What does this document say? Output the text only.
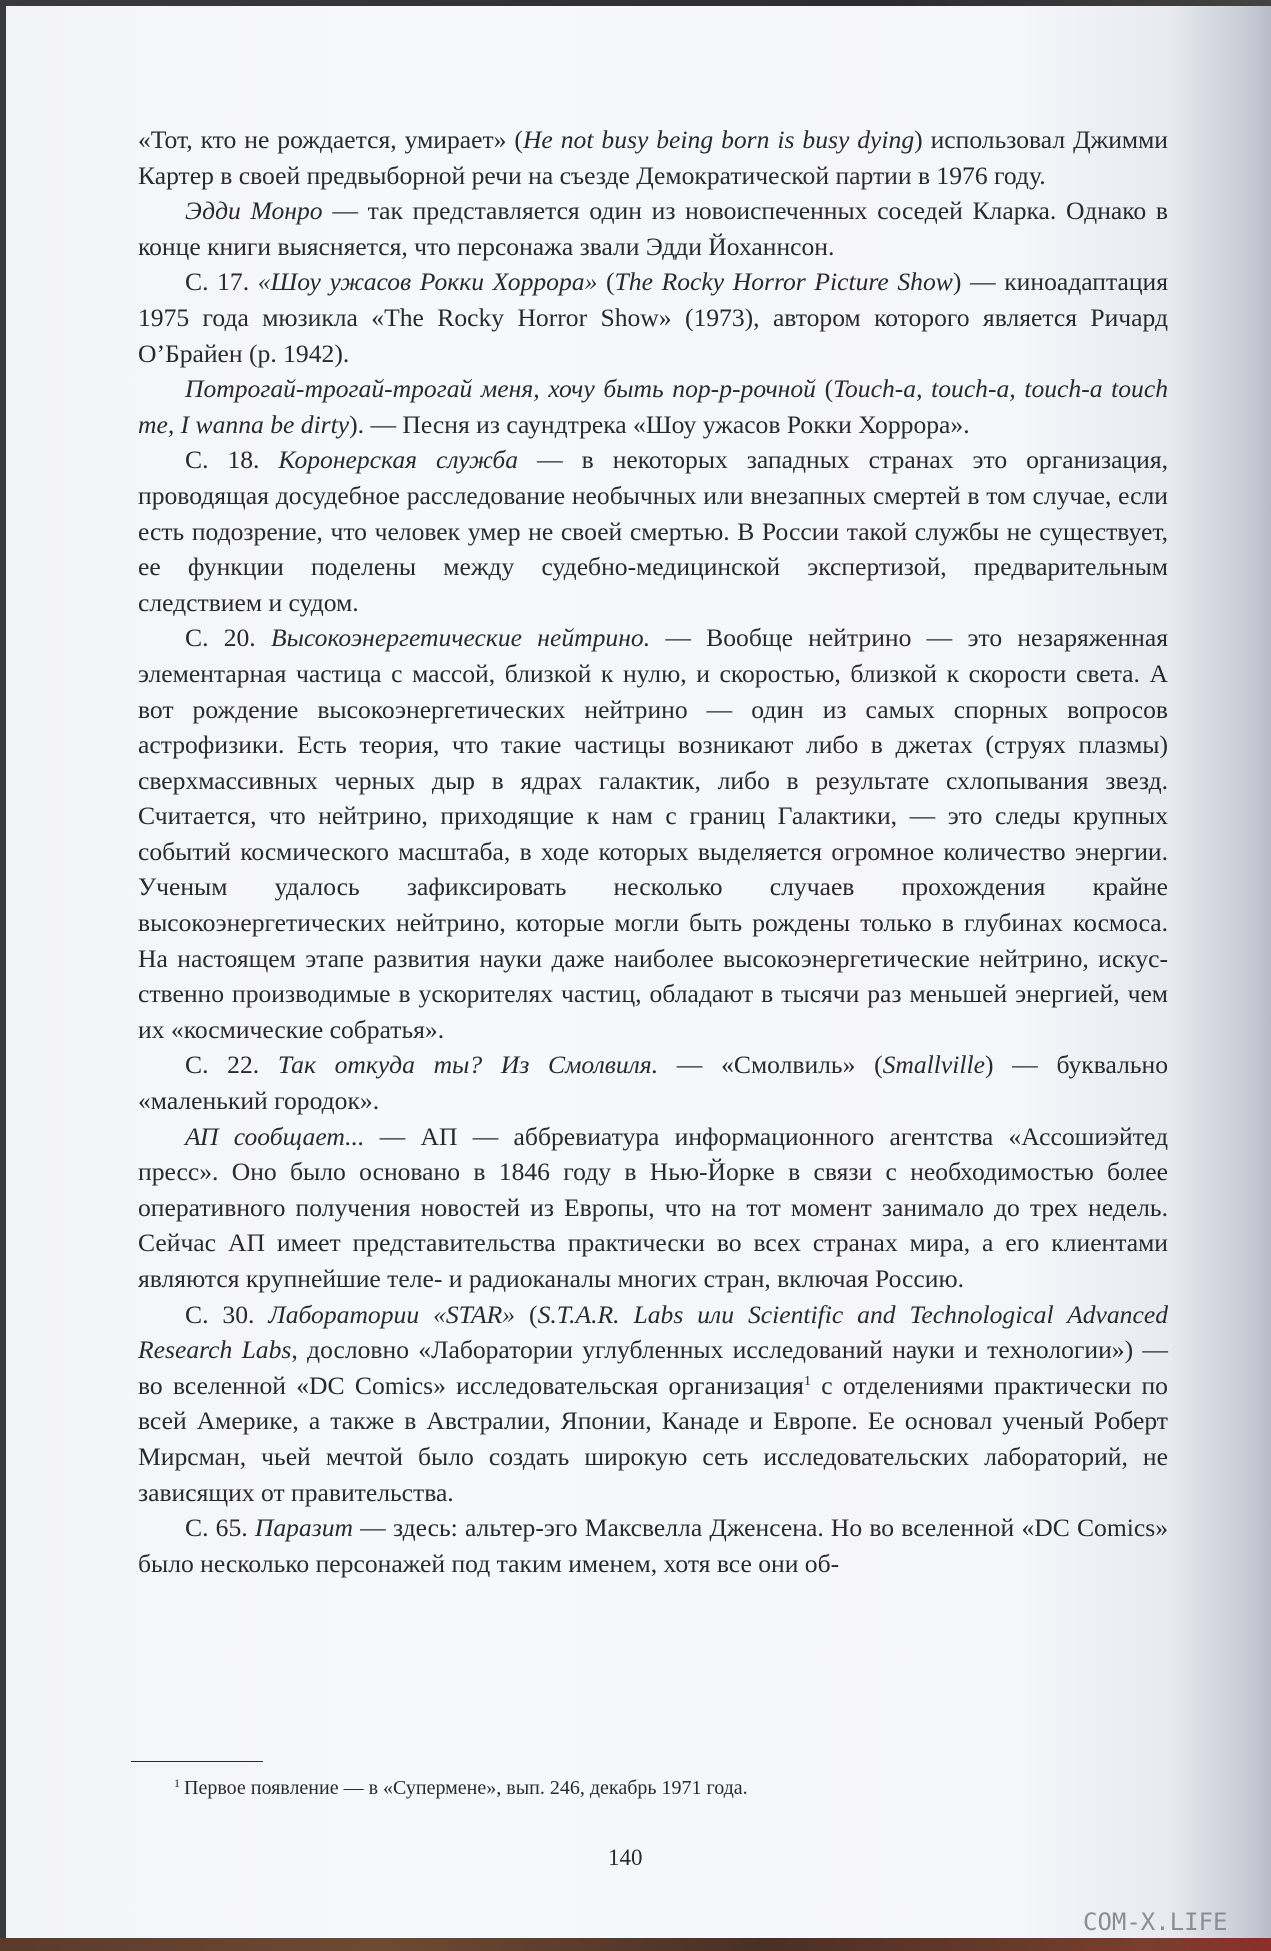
«Тот, кто не рождается, умирает» (He not busy being born is busy dying) использовал Джимми Картер в своей предвыборной речи на съезде Демократической партии в 1976 году.

Эдди Монро — так представляется один из новоиспеченных соседей Кларка. Однако в конце книги выясняется, что персонажа звали Эдди Йоханнсон.

С. 17. «Шоу ужасов Рокки Хоррора» (The Rocky Horror Picture Show) — киноадаптация 1975 года мюзикла «The Rocky Horror Show» (1973), автором которого является Ричард О’Брайен (р. 1942).

Потрогай-трогай-трогай меня, хочу быть пор-р-рочной (Touch-a, touch-a, touch-a touch me, I wanna be dirty). — Песня из саундтрека «Шоу ужасов Рокки Хоррора».

С. 18. Коронерская служба — в некоторых западных странах это организация, проводящая досудебное расследование необычных или внезапных смертей в том случае, если есть подозрение, что человек умер не своей смертью. В России такой службы не существует, ее функции поделены между судебно-медицинской экспертизой, предварительным следствием и судом.

С. 20. Высокоэнергетические нейтрино. — Вообще нейтрино — это незаряженная элементарная частица с массой, близкой к нулю, и скоростью, близкой к скорости света. А вот рождение высокоэнергетических нейтрино — один из самых спорных вопросов астрофизики. Есть теория, что такие частицы возникают либо в джетах (струях плазмы) сверхмассивных черных дыр в ядрах галактик, либо в результате схлопывания звезд. Считается, что нейтрино, приходящие к нам с границ Галактики, — это следы крупных событий космического масштаба, в ходе которых выделяется огромное количество энергии. Ученым удалось зафиксировать несколько случаев прохождения крайне высокоэнергетических нейтрино, которые могли быть рождены только в глубинах космоса. На настоящем этапе развития науки даже наиболее высокоэнергетические нейтрино, искусственно производимые в ускорителях частиц, обладают в тысячи раз меньшей энергией, чем их «космические собратья».

С. 22. Так откуда ты? Из Смолвиля. — «Смолвиль» (Smallville) — буквально «маленький городок».

АП сообщает... — АП — аббревиатура информационного агентства «Ассошиэйтед пресс». Оно было основано в 1846 году в Нью-Йорке в связи с необходимостью более оперативного получения новостей из Европы, что на тот момент занимало до трех недель. Сейчас АП имеет представительства практически во всех странах мира, а его клиентами являются крупнейшие теле- и радиоканалы многих стран, включая Россию.

С. 30. Лаборатории «STAR» (S.T.A.R. Labs или Scientific and Technological Advanced Research Labs, дословно «Лаборатории углубленных исследований науки и технологии») — во вселенной «DC Comics» исследовательская организация$^1$ с отделениями практически по всей Америке, а также в Австралии, Японии, Канаде и Европе. Ее основал ученый Роберт Мирсман, чьей мечтой было создать широкую сеть исследовательских лабораторий, не зависящих от правительства.

С. 65. Паразит — здесь: альтер-эго Максвелла Дженсена. Но во вселенной «DC Comics» было несколько персонажей под таким именем, хотя все они об-

$^1$ Первое появление — в «Супермене», вып. 246, декабрь 1971 года.
140
COM-X.LIFE
